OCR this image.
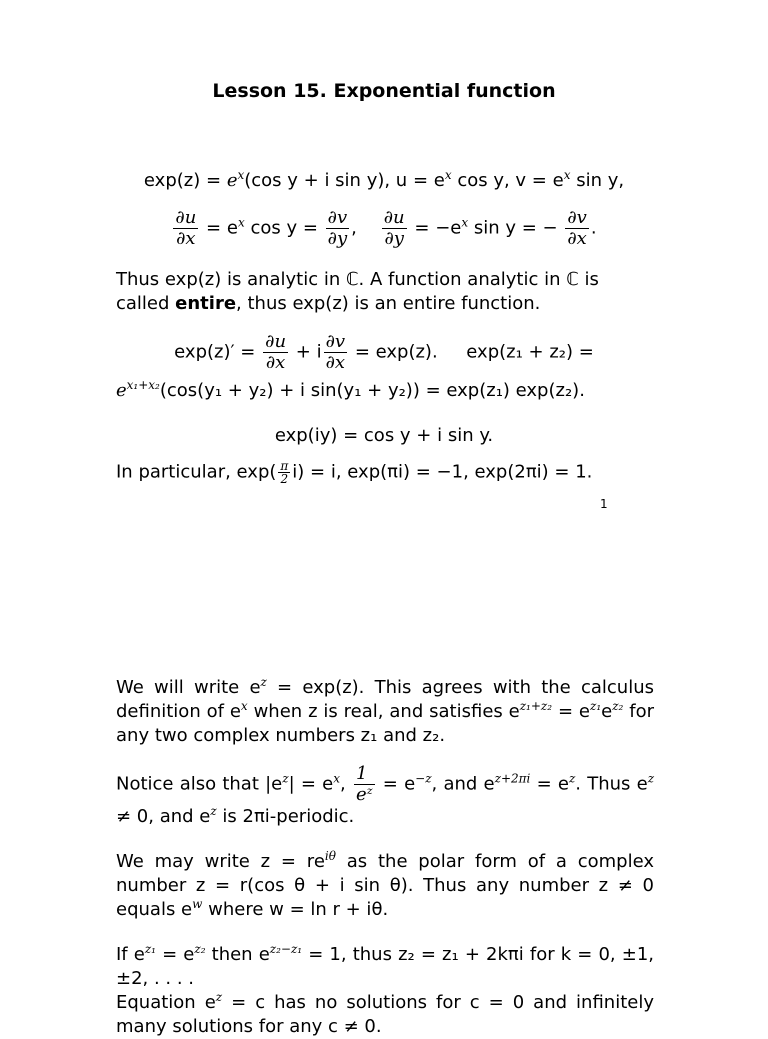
Lesson 15. Exponential function
$\exp(z) = e^x(\cos$ y + i sin y), $u = e^x$ cos y, $v = e^x$ sin y,
$\frac{\partial u}{\partial x} = e^x$ $\cos y = \frac{\partial v}{\partial y}$ , $\frac{\partial u}{\partial y} = -e^x$ sin y = − $\frac{\partial v}{\partial x}$ .
Thus exp(z) is analytic in ℂ. A function analytic in ℂ is called entire, thus exp(z) is an entire function.
$\exp(z)' = \frac{\partial u}{\partial x} + i \frac{\partial v}{\partial x} = \exp(z)$. exp(z₁ + z₂) =
$e^{x_1+x_2}(\cos(y_1 + y_2) + i$ sin(y₁ + y₂)) = exp(z₁) exp(z₂).
exp(iy) = cos y + i sin y.
In particular, $\exp( \frac{\pi}{2} i) = i$, exp(πi) = −1, exp(2πi) = 1.
1
We will write $e^z = \exp(z)$. This agrees with the calculus definition of $e^x$ when z is real, and satisfies $e^{z_1+z_2} = e^{z_1}e^{z_2}$ for any two complex numbers z₁ and z₂.
Notice also that $|e^z| = e^x$, $\frac{1}{\text{eᶻ}} = e^{-z}$, and $e^{z+2\pi i} = e^z$. Thus $e^z \ne 0$, and $e^z$ is 2πi-periodic.
We may write $z = re^{i\theta}$ as the polar form of a complex number z = r(cos θ + i sin θ). Thus any number z ≠ 0 equals $e^w$ where w = ln r + iθ.
If $e^{z_1} = e^{z_2}$ then $e^{z_2-z_1} = 1$, thus z₂ = z₁ + 2kπi for k = 0, ±1, ±2, . . . .
Equation $e^z = c$ has no solutions for c = 0 and infinitely many solutions for any c ≠ 0.
